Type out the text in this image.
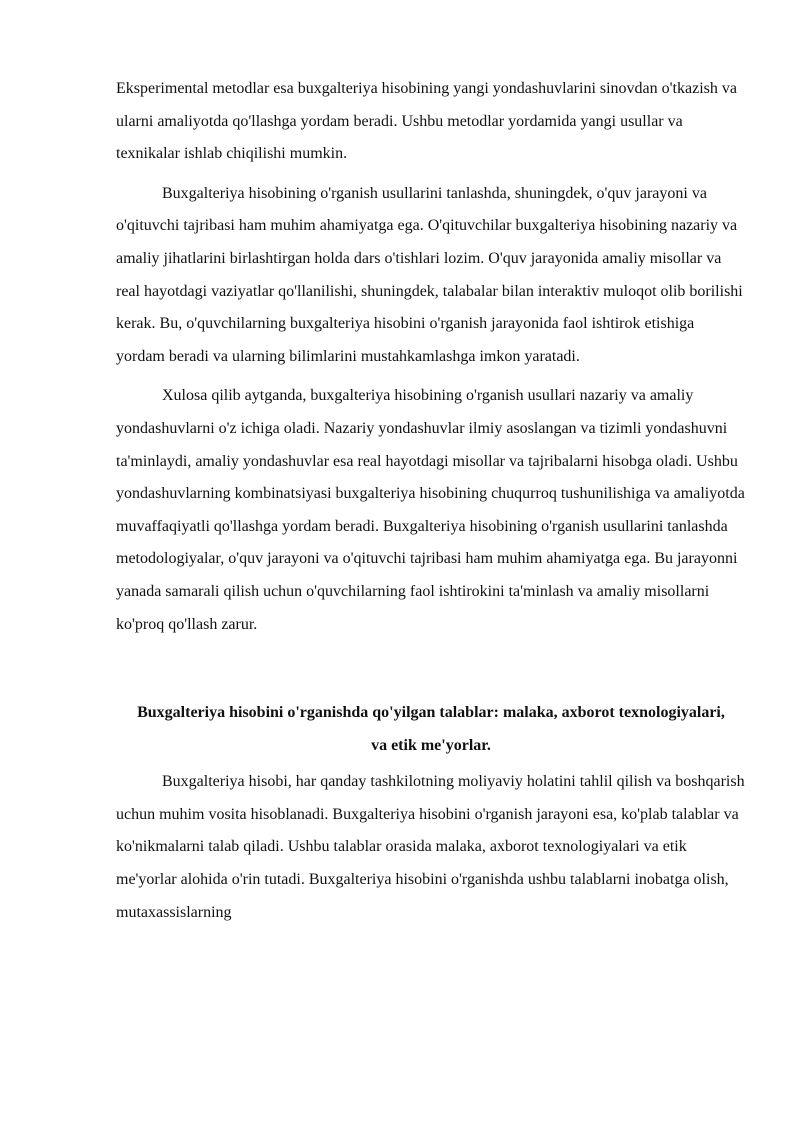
Eksperimental metodlar esa buxgalteriya hisobining yangi yondashuvlarini sinovdan o'tkazish va ularni amaliyotda qo'llashga yordam beradi. Ushbu metodlar yordamida yangi usullar va texnikalar ishlab chiqilishi mumkin.

Buxgalteriya hisobining o'rganish usullarini tanlashda, shuningdek, o'quv jarayoni va o'qituvchi tajribasi ham muhim ahamiyatga ega. O'qituvchilar buxgalteriya hisobining nazariy va amaliy jihatlarini birlashtirgan holda dars o'tishlari lozim. O'quv jarayonida amaliy misollar va real hayotdagi vaziyatlar qo'llanilishi, shuningdek, talabalar bilan interaktiv muloqot olib borilishi kerak. Bu, o'quvchilarning buxgalteriya hisobini o'rganish jarayonida faol ishtirok etishiga yordam beradi va ularning bilimlarini mustahkamlashga imkon yaratadi.

Xulosa qilib aytganda, buxgalteriya hisobining o'rganish usullari nazariy va amaliy yondashuvlarni o'z ichiga oladi. Nazariy yondashuvlar ilmiy asoslangan va tizimli yondashuvni ta'minlaydi, amaliy yondashuvlar esa real hayotdagi misollar va tajribalarni hisobga oladi. Ushbu yondashuvlarning kombinatsiyasi buxgalteriya hisobining chuqurroq tushunilishiga va amaliyotda muvaffaqiyatli qo'llashga yordam beradi. Buxgalteriya hisobining o'rganish usullarini tanlashda metodologiyalar, o'quv jarayoni va o'qituvchi tajribasi ham muhim ahamiyatga ega. Bu jarayonni yanada samarali qilish uchun o'quvchilarning faol ishtirokini ta'minlash va amaliy misollarni ko'proq qo'llash zarur.

Buxgalteriya hisobini o'rganishda qo'yilgan talablar: malaka, axborot texnologiyalari, va etik me'yorlar.

Buxgalteriya hisobi, har qanday tashkilotning moliyaviy holatini tahlil qilish va boshqarish uchun muhim vosita hisoblanadi. Buxgalteriya hisobini o'rganish jarayoni esa, ko'plab talablar va ko'nikmalarni talab qiladi. Ushbu talablar orasida malaka, axborot texnologiyalari va etik me'yorlar alohida o'rin tutadi. Buxgalteriya hisobini o'rganishda ushbu talablarni inobatga olish, mutaxassislarning
